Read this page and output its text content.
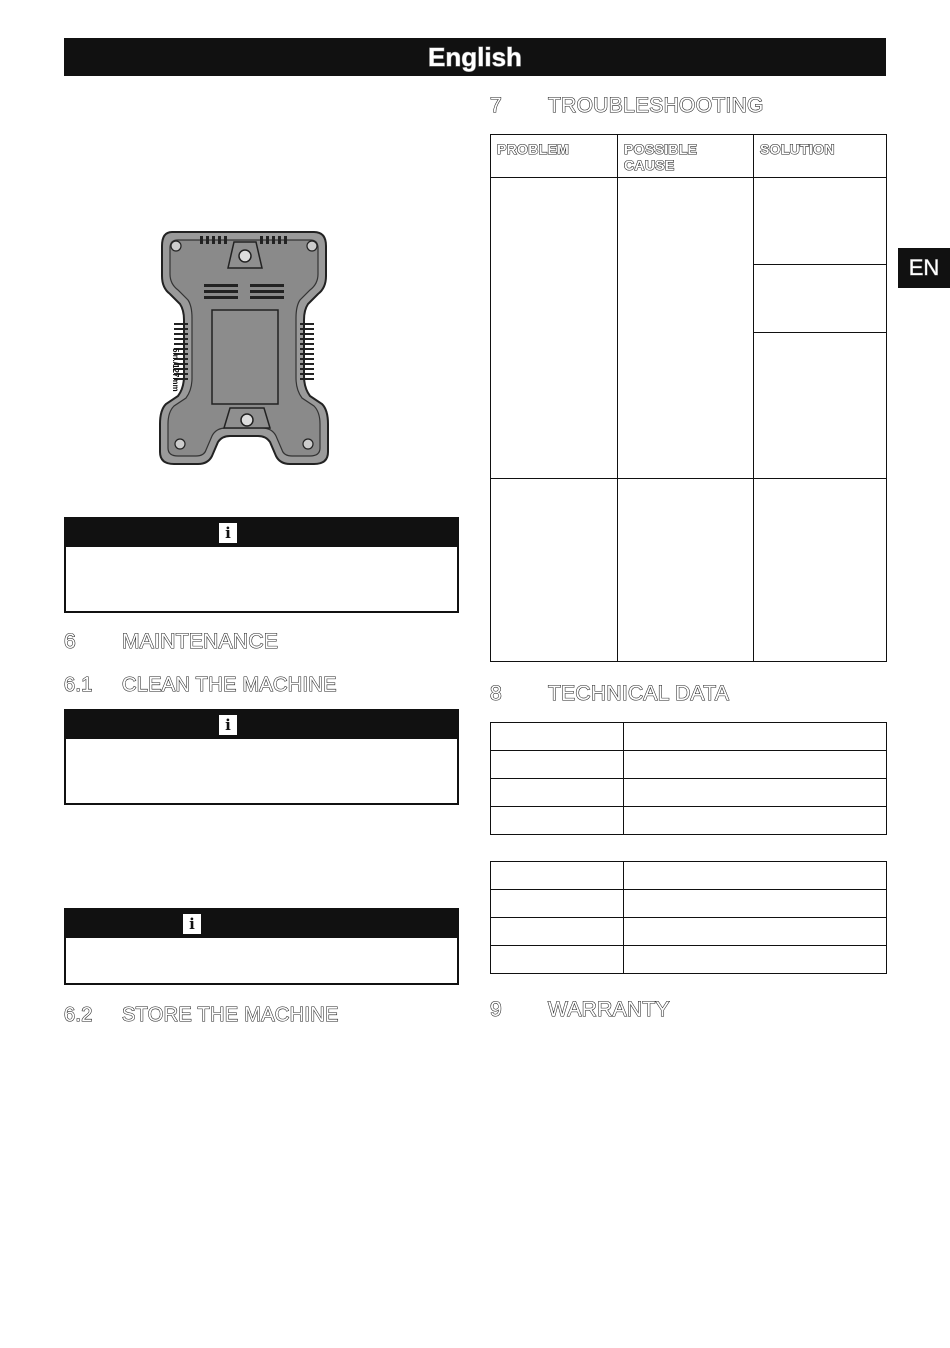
English
EN
5in./127mm
i
6 MAINTENANCE
6.1 CLEAN THE MACHINE
i
i
6.2 STORE THE MACHINE
7 TROUBLESHOOTING
PROBLEM	POSSIBLE CAUSE	SOLUTION

8 TECHNICAL DATA

9 WARRANTY
